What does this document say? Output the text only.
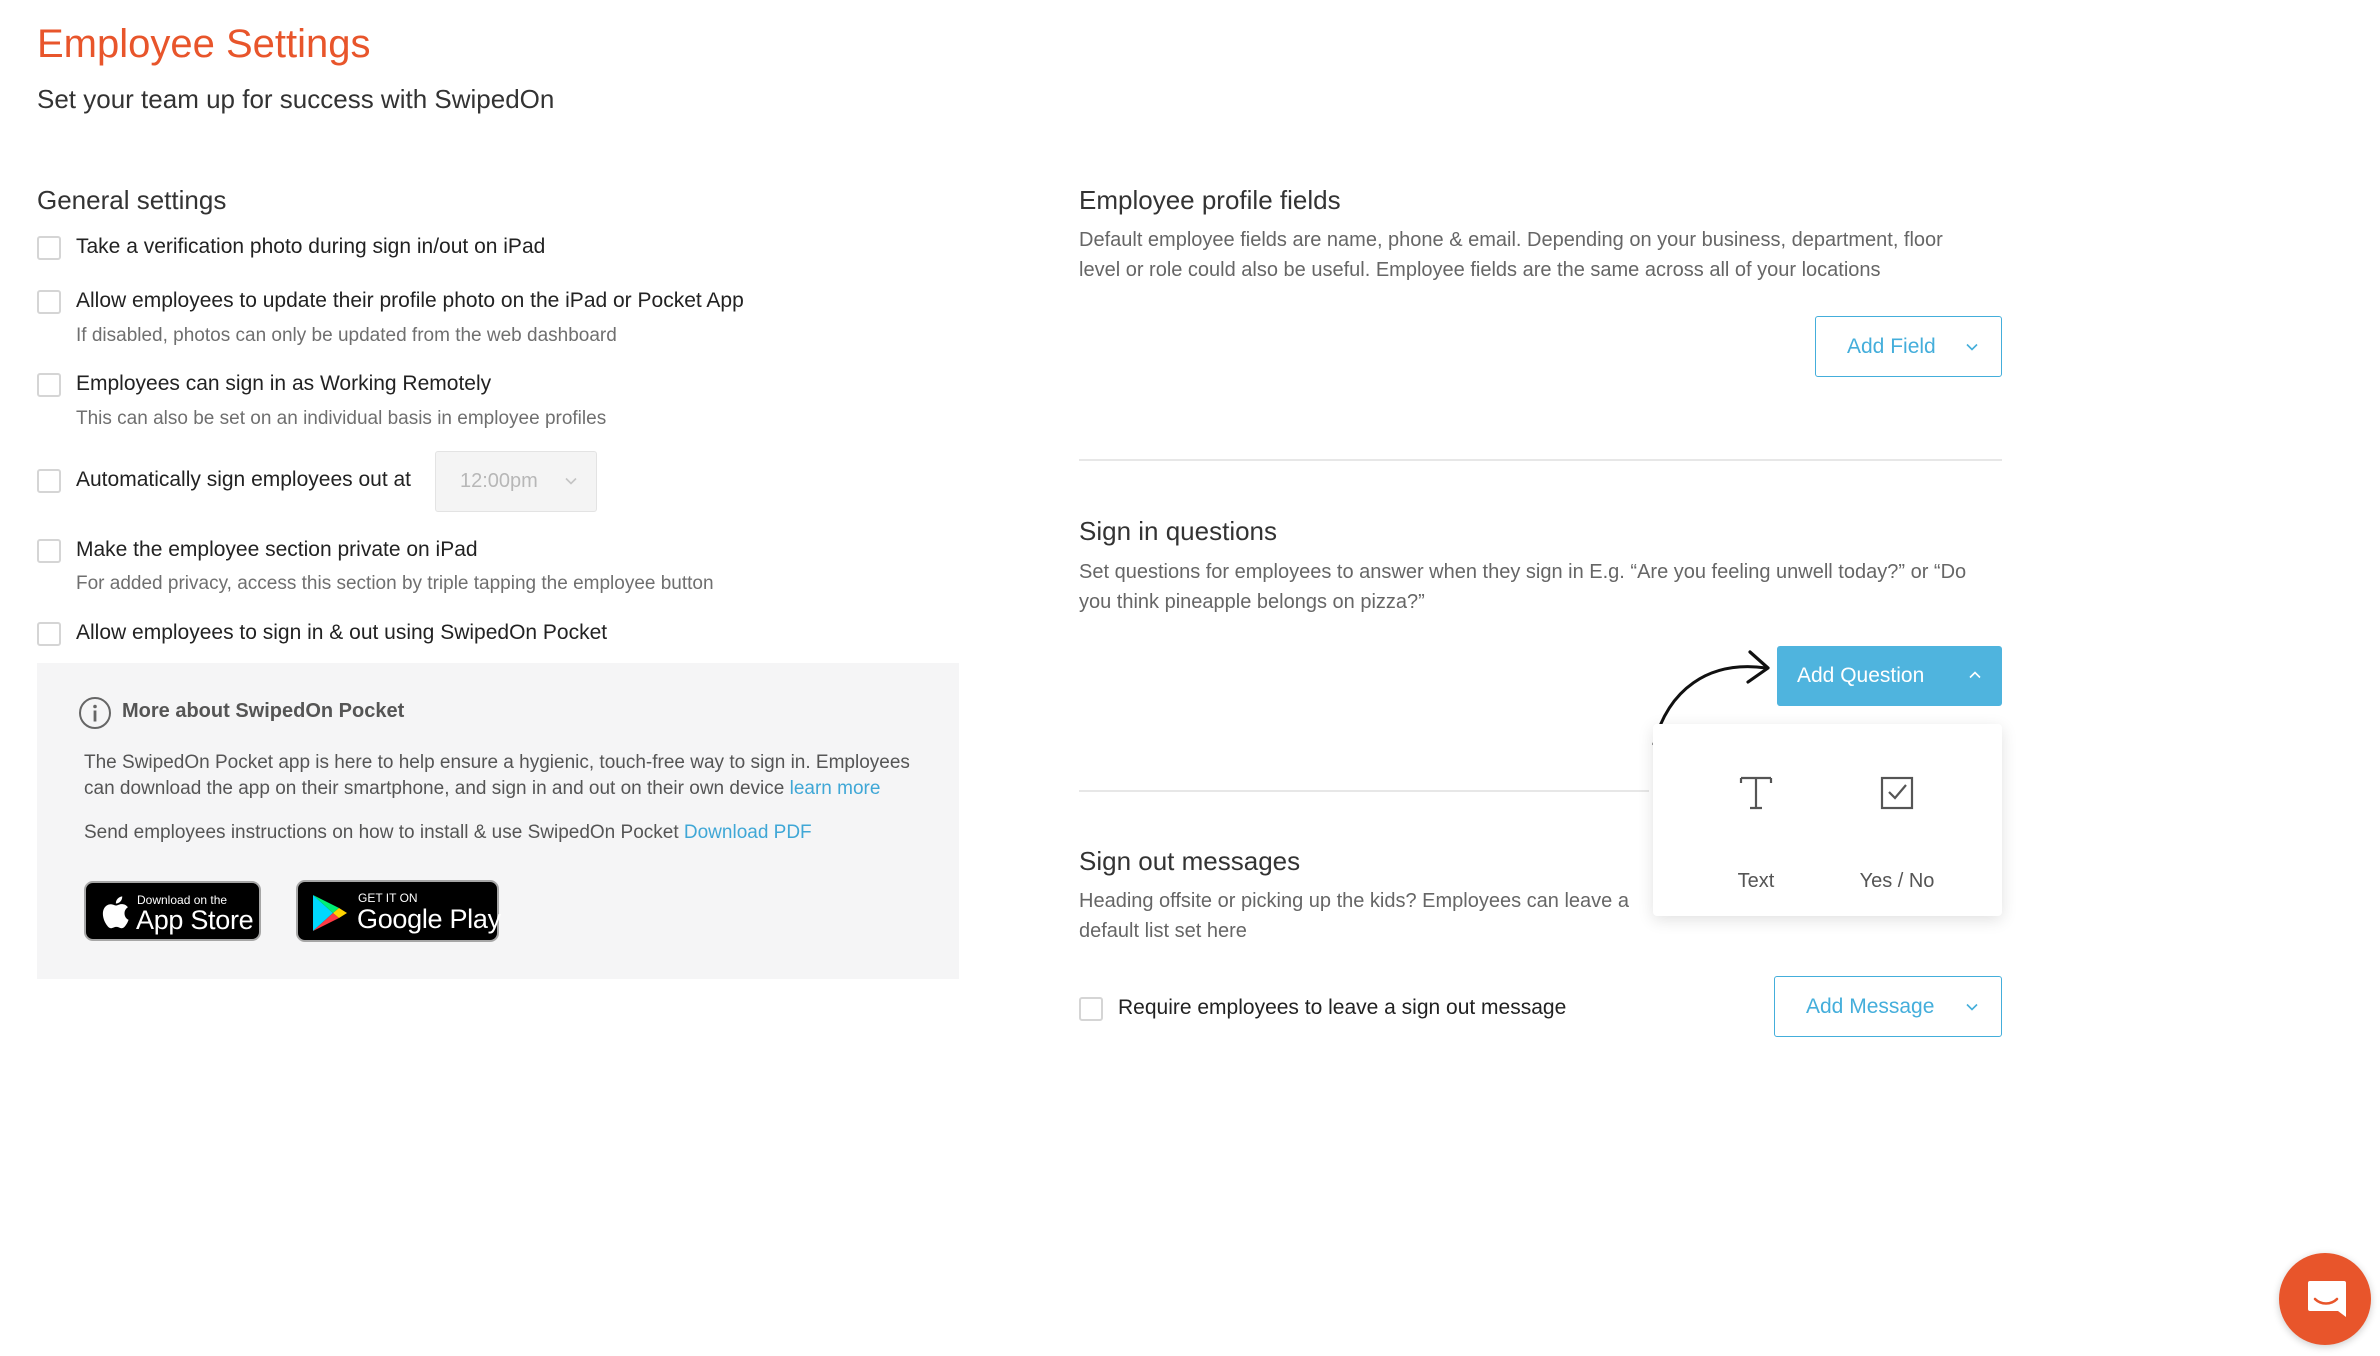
Employee Settings
Set your team up for success with SwipedOn
General settings
Take a verification photo during sign in/out on iPad
Allow employees to update their profile photo on the iPad or Pocket App
If disabled, photos can only be updated from the web dashboard
Employees can sign in as Working Remotely
This can also be set on an individual basis in employee profiles
Automatically sign employees out at 12:00pm
Make the employee section private on iPad
For added privacy, access this section by triple tapping the employee button
Allow employees to sign in & out using SwipedOn Pocket
More about SwipedOn Pocket
The SwipedOn Pocket app is here to help ensure a hygienic, touch-free way to sign in. Employees
can download the app on their smartphone, and sign in and out on their own device learn more
Send employees instructions on how to install & use SwipedOn Pocket Download PDF
Download on the
App Store
GET IT ON
Google Play
Employee profile fields
Default employee fields are name, phone & email. Depending on your business, department, floor
level or role could also be useful. Employee fields are the same across all of your locations
Add Field
Sign in questions
Set questions for employees to answer when they sign in E.g. “Are you feeling unwell today?” or “Do
you think pineapple belongs on pizza?”
Add Question
Sign out messages
Heading offsite or picking up the kids? Employees can leave a
default list set here
Require employees to leave a sign out message	Add Message
Text	Yes / No
